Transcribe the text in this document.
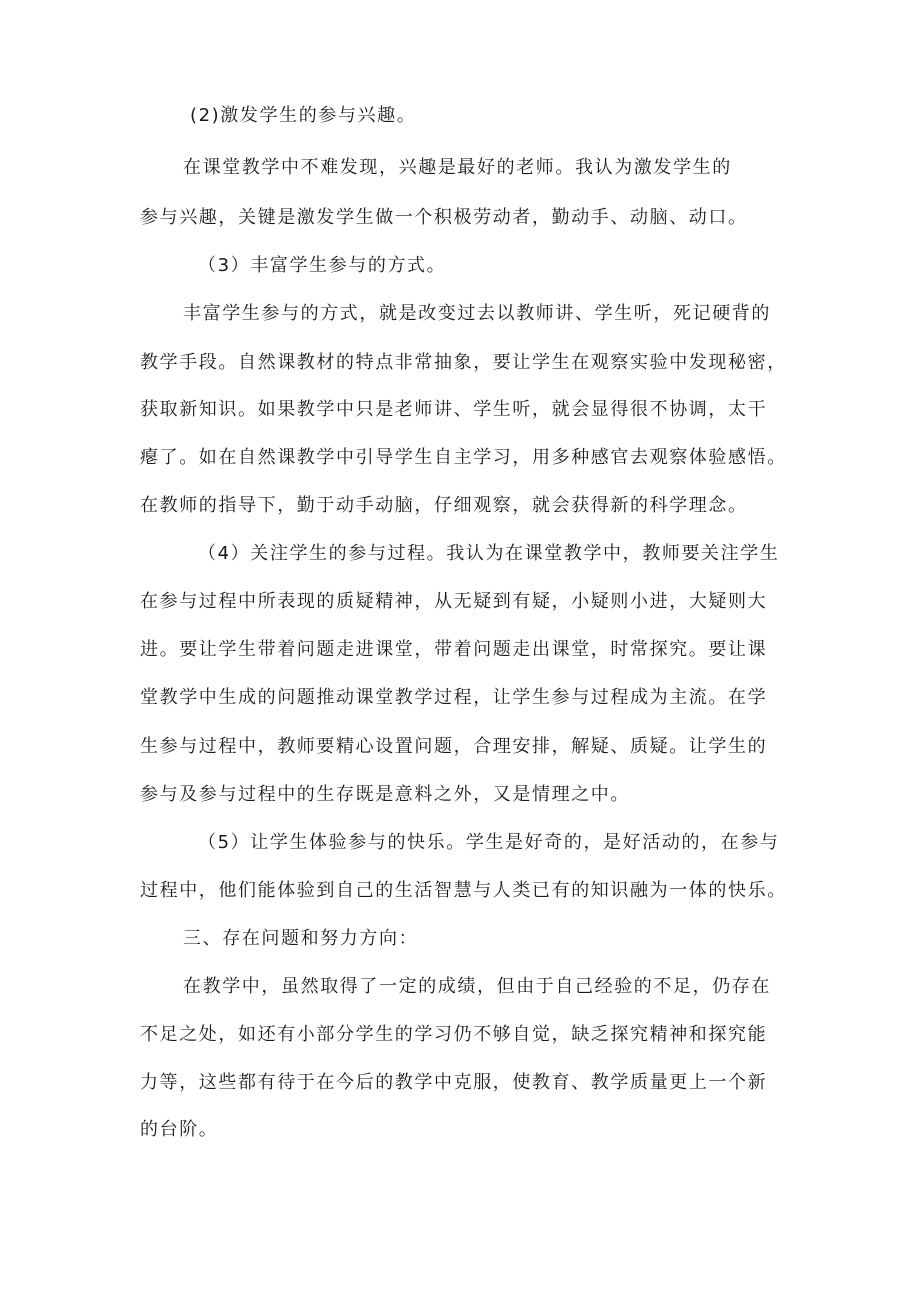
(2)激发学生的参与兴趣。
在课堂教学中不难发现，兴趣是最好的老师。我认为激发学生的
参与兴趣，关键是激发学生做一个积极劳动者，勤动手、动脑、动口。
（3）丰富学生参与的方式。
丰富学生参与的方式，就是改变过去以教师讲、学生听，死记硬背的
教学手段。自然课教材的特点非常抽象，要让学生在观察实验中发现秘密，
获取新知识。如果教学中只是老师讲、学生听，就会显得很不协调，太干
瘪了。如在自然课教学中引导学生自主学习，用多种感官去观察体验感悟。
在教师的指导下，勤于动手动脑，仔细观察，就会获得新的科学理念。
（4）关注学生的参与过程。我认为在课堂教学中，教师要关注学生
在参与过程中所表现的质疑精神，从无疑到有疑，小疑则小进，大疑则大
进。要让学生带着问题走进课堂，带着问题走出课堂，时常探究。要让课
堂教学中生成的问题推动课堂教学过程，让学生参与过程成为主流。在学
生参与过程中，教师要精心设置问题，合理安排，解疑、质疑。让学生的
参与及参与过程中的生存既是意料之外，又是情理之中。
（5）让学生体验参与的快乐。学生是好奇的，是好活动的，在参与
过程中，他们能体验到自己的生活智慧与人类已有的知识融为一体的快乐。
三、存在问题和努力方向：
在教学中，虽然取得了一定的成绩，但由于自己经验的不足，仍存在
不足之处，如还有小部分学生的学习仍不够自觉，缺乏探究精神和探究能
力等，这些都有待于在今后的教学中克服，使教育、教学质量更上一个新
的台阶。
